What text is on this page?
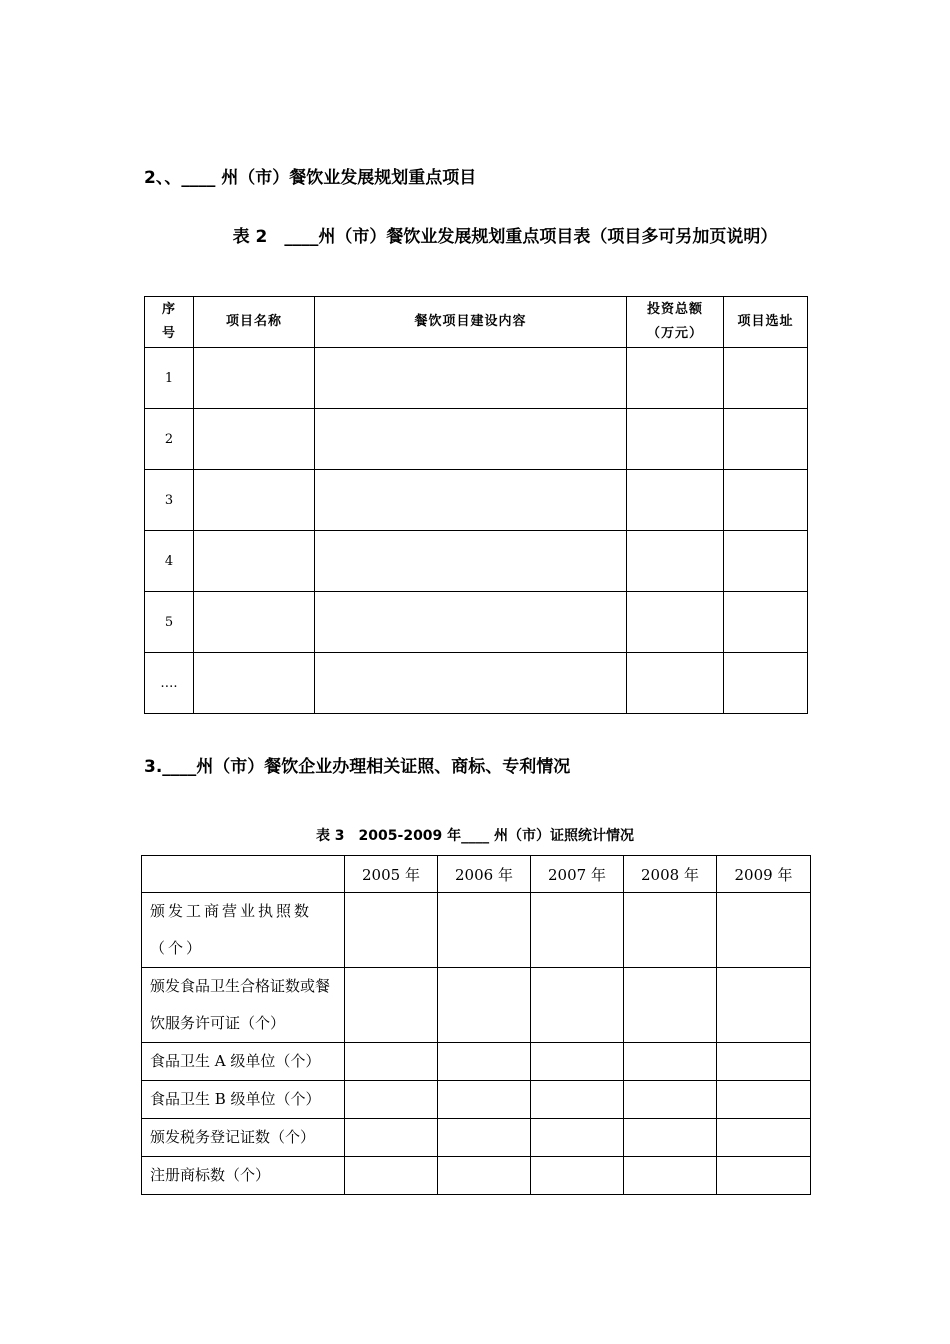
2、、____ 州（市）餐饮业发展规划重点项目
表 2　____州（市）餐饮业发展规划重点项目表（项目多可另加页说明）
序号	项目名称	餐饮项目建设内容	投资总额（万元）	项目选址
1				
2				
3				
4				
5				
….				
3.____州（市）餐饮企业办理相关证照、商标、专利情况
表 3　2005-2009 年____ 州（市）证照统计情况
	2005 年	2006 年	2007 年	2008 年	2009 年
颁发工商营业执照数（个）					
颁发食品卫生合格证数或餐饮服务许可证（个）					
食品卫生 A 级单位（个）					
食品卫生 B 级单位（个）					
颁发税务登记证数（个）					
注册商标数（个）					
